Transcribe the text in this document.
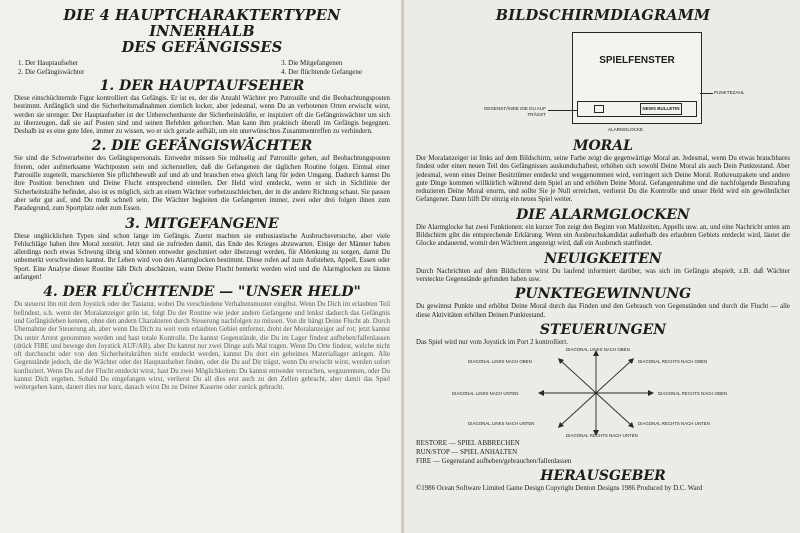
DIE 4 HAUPTCHARAKTERTYPEN INNERHALB
DES GEFÄNGISSES
1. Der Hauptaufseher
2. Die Gefängiswächter
3. Die Mitgefangenen
4. Der flüchtende Gefangene
1. DER HAUPTAUFSEHER

Diese einschüchternde Figur kontrolliert das Gefängis. Er ist es, der die Anzahl Wächter pro Patrouille und die Beobachtungsposten bestimmt. Anfänglich sind die Sicherheitsmaßnahmen ziemlich locker, aber jedesmal, wenn Du an verbotenen Orten erwischt wirst, werden sie strenger. Der Hauptaufseher ist der Unberechenbarste der Sicherheitskräfte, er inspiziert oft die Gefängniswächter um sich zu überzeugen, daß sie auf Posten sind und seinen Befehlen gehorchen. Man kann ihm praktisch überall im Gefängis begegnen. Deshalb ist es eine gute Idee, immer zu wissen, wo er sich gerade aufhält, um ein unerwünschtes Zusammentreffen zu verhindern.

2. DIE GEFÄNGISWÄCHTER

Sie sind die Schwerarbeiter des Gefängispersonals. Entweder müssen Sie mühselig auf Patrouille gehen, auf Beobachtungsposten frieren, oder aufmerksame Wachtposten sein und sicherstellen, daß die Gefangenen der täglichen Routine folgen. Einmal einer Patrouille zugeteilt, marschieren Sie pflichtbewußt auf und ab und brauchen etwa gleich lang für jeden Umgang. Dadurch kannst Du ihre Position berechnen und Deine Flucht entsprechend einteilen. Der Held wird entdeckt, wenn er sich in Sichtlinie der Sicherheitskräfte befindet, also ist es möglich, sich an einem Wächter vorbeizuschleichen, der in die andere Richtung schaut. Sie passen aber sehr gut auf, und Du mußt schnell sein. Die Wächter begleiten die Gefangenen immer, zwei oder drei folgen ihnen zum Paradegrund, zum Sportplatz oder zum Essen.

3. MITGEFANGENE

Diese unglücklichen Typen sind schon lange im Gefängis. Zuerst machten sie enthusiastische Ausbruchsversuche, aber viele Fehlschläge haben ihre Moral zerstört. Jetzt sind sie zufrieden damit, das Ende des Krieges abzuwarten. Einige der Männer haben allerdings noch etwas Schwung übrig und können entweder geschmiert oder überzeugt werden, für Ablenkung zu sorgen, damit Du unbemerkt verschwinden kannst. Ihr Leben wird von den Alarmglocken bestimmt. Diese rufen auf zum Aufstehen, Appell, Essen oder Sport. Eine Analyse dieser Routine läßt Dich abschätzen, wann Deine Flucht bemerkt werden wird und die Alarmglocken zu läuten anfangen!

4. DER FLÜCHTENDE — "UNSER HELD"

Du steuerst ihn mit dem Joystick oder der Tastatur, wobei Du verschiedene Verhaltensmuster eingibst. Wenn Du Dich im erlaubten Teil befindest, u.h. wenn der Moralanzeiger grün ist, folgt Du der Routine wie jeder andere Gefangene und lenkst dadurch das Gefängnis und Gefängisleben kennen, ohne den andern Charakteren durch Steuerung nachfolgen zu müssen. Von dir hängt Deine Flucht ab. Durch Übernahme der Steuerung ab, aber wenn Du Dich zu weit vom erlaubten Gebiet entfernst, dreht der Moralanzeiger auf rot; jetzt kannst Du unter Arrest genommen werden und hast totale Kontrolle. Du kannst Gegenstände, die Du im Lager findest aufheben/fallenlassen (drück FIRE und bewege den Joystick AUF/AB), aber Du kannst nur zwei Dinge aufs Mal tragen. Wenn Du Orte findest, welche nicht oft durchsucht oder von den Sicherheitskräften nicht entdeckt werden, kannst Du dort ein geheimes Materiallager anlegen. Alle Gegenstände jedoch, die die Wächter oder der Hauptaufseher finden, oder die Du auf Dir trägst, wenn Du erwischt wirst, werden sofort konfisziert. Wenn Du auf der Flucht entdeckt wirst, hast Du zwei Möglichkeiten: Du kannst entweder versuchen, wegzurennen, oder Du kannst Dich ergeben. Sobald Du eingefangen wirst, verlierst Du all dies erst auch zu den Zellen gebracht, aber damit das Spiel weitergehen kann, dauert dies nur kurz, danach wirst Du zu Deiner Kaserne oder zurück gebracht.

BILDSCHIRMDIAGRAMM
SPIELFENSTER
NEWS BULLETIN
PUNKTEZAHL
GEGENSTÄNDE DIE DU AUF TRÄGST
ALARMGLOCKE
MORAL

Der Moralanzeiger ist links auf dem Bildschirm, seine Farbe zeigt die gegenwärtige Moral an. Jedesmal, wenn Du etwas brauchbares findest oder einen neuen Teil des Gefängnisses auskundschaftest, erhöhen sich sowohl Deine Moral als auch Dein Punktestand. Aber jedesmal, wenn eines Deiner Besitztümer entdeckt und weggenommen wird, verringert sich Deine Moral. Rotkreuzpakete und andere gute Dinge kommen willkürlich während dem Spiel an und erhöhen Deine Moral. Gefangennahme und die nachfolgende Bestrafung reduzieren Deine Moral enorm, und sollte Sie je Null erreichen, verlierst Du die Kontrolle und unser Held wird ein gewöhnlicher Gefangener. Dann hilft Dir einzig ein neues Spiel weiter.

DIE ALARMGLOCKEN

Die Alarmglocke hat zwei Funktionen: ein kurzer Ton zeigt den Beginn von Mahlzeiten, Appells usw. an, und eine Nachricht unten am Bildschirm gibt die entsprechende Erklärung. Wenn ein Ausbruchskandidat außerhalb des erlaubten Gebiets entdeckt wird, läutet die Glocke andauernd, womit den Wächtern angezeigt wird, daß ein Ausbruch stattfindet.

NEUIGKEITEN

Durch Nachrichten auf dem Bildschirm wirst Du laufend informiert darüber, was sich im Gefängis abspielt, z.B. daß Wächter versteckte Gegenstände gefunden haben usw.

PUNKTEGEWINNUNG

Du gewinnst Punkte und erhöhst Deine Moral durch das Finden und den Gebrauch von Gegenständen und durch die Flucht — alle diese Aktivitäten erhöhen Deinen Punktestand.

STEUERUNGEN

Das Spiel wird nur vom Joystick im Port 2 kontrolliert.

DIAGONAL LINKS NACH OBEN
DIAGONAL LINKS NACH OBEN	DIAGONAL RECHTS NACH OBEN
DIAGONAL LINKS NACH UNTEN	DIAGONAL RECHTS NACH OBEN
DIAGONAL LINKS NACH UNTEN	DIAGONAL RECHTS NACH UNTEN
DIAGONAL RECHTS NACH UNTEN
RESTORE — SPIEL ABBRECHEN
RUN/STOP — SPIEL ANHALTEN
FIRE — Gegenstand aufheben/gebrauchen/fallenlassen
HERAUSGEBER

©1986 Ocean Software Limited Game Design Copyright Denton Designs 1986 Produced by D.C. Ward
